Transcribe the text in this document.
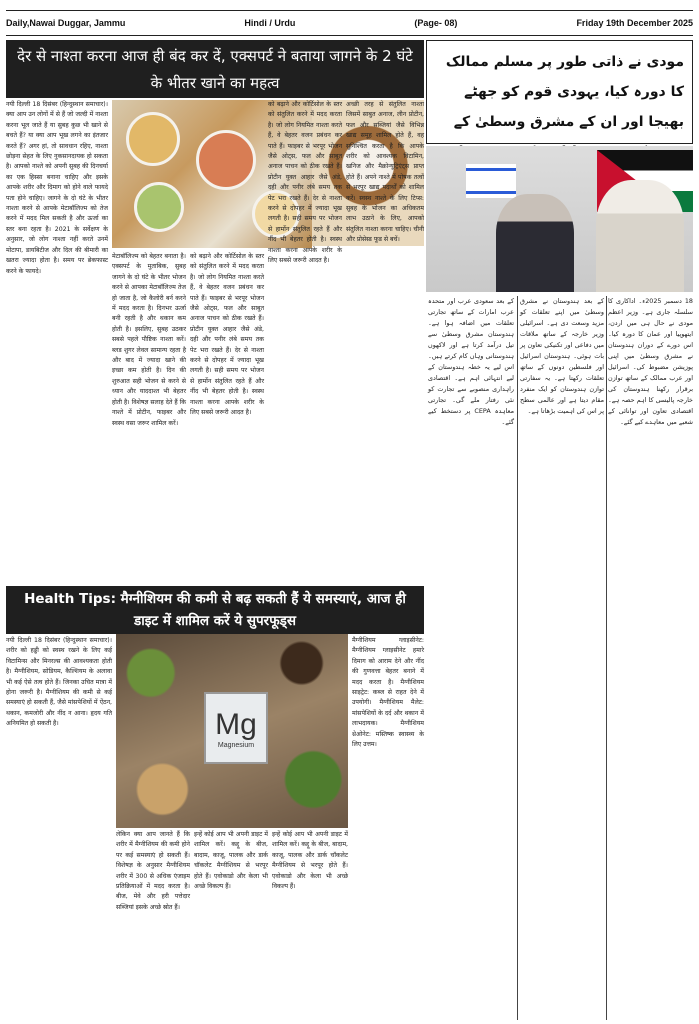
Daily,Nawai Duggar, Jammu	Hindi / Urdu	(Page- 08)	Friday 19th December 2025
देर से नाश्ता करना आज ही बंद कर दें, एक्सपर्ट ने बताया जागने के 2 घंटे के भीतर खाने का महत्व
नयी दिल्ली 18 दिसंबर (हिन्दुस्थान समाचार)। क्या आप उन लोगों में से हैं जो जल्दी में नाश्ता करना भूल जाते हैं या सुबह कुछ भी खाने से बचते हैं? या क्या आप भूख लगने का इंतजार करते हैं? अगर हां, तो सावधान रहिए, नाश्ता छोड़ना सेहत के लिए नुकसानदायक हो सकता है। आपको नाश्ते को अपनी सुबह की दिनचर्या का एक हिस्सा बनाना चाहिए और इसके आपके शरीर और दिमाग को होने वाले फायदे पता होने चाहिए। जागने के दो घंटे के भीतर नाश्ता करने से आपके मेटाबॉलिज्म को तेज करने में मदद मिल सकती है और ऊर्जा का स्तर बना रहता है। 2021 के सर्वेक्षण के अनुसार, जो लोग नाश्ता नहीं करते उनमें मोटापा, डायबिटीज और दिल की बीमारी का खतरा ज्यादा होता है। समय पर ब्रेकफास्ट करने के फायदे।
मेटाबॉलिज्म को बेहतर बनाता है। एक्सपर्ट के मुताबिक, सुबह जागने के दो घंटे के भीतर भोजन करने से आपका मेटाबॉलिज्म तेज हो जाता है, जो कैलोरी बर्न करने में मदद करता है। दिनभर ऊर्जा बनी रहती है और थकान कम होती है। इसलिए, सुबह उठकर सबसे पहले पौष्टिक नाश्ता करें। ब्लड शुगर लेवल सामान्य रहता है और बाद में ज्यादा खाने की इच्छा कम होती है। दिन की शुरुआत सही भोजन से करने से ध्यान और याददाश्त भी बेहतर होती है। विशेषज्ञ सलाह देते हैं कि नाश्ते में प्रोटीन, फाइबर और स्वस्थ वसा जरूर शामिल करें।
को बढ़ाने और कोर्टिसोल के स्तर को संतुलित करने में मदद करता है। जो लोग नियमित नाश्ता करते हैं, वे बेहतर वजन प्रबंधन कर पाते हैं। फाइबर से भरपूर भोजन जैसे ओट्स, फल और साबुत अनाज पाचन को ठीक रखते हैं। प्रोटीन युक्त आहार जैसे अंडे, दही और पनीर लंबे समय तक पेट भरा रखते हैं। देर से नाश्ता करने से दोपहर में ज्यादा भूख लगती है। सही समय पर भोजन से हार्मोन संतुलित रहते हैं और नींद भी बेहतर होती है। स्वस्थ नाश्ता करना आपके शरीर के लिए सबसे जरूरी आदत है।
को बढ़ाने और कोर्टिसोल के स्तर को संतुलित करने में मदद करता है। जो लोग नियमित नाश्ता करते हैं, वे बेहतर वजन प्रबंधन कर पाते हैं। फाइबर से भरपूर भोजन जैसे ओट्स, फल और साबुत अनाज पाचन को ठीक रखते हैं। प्रोटीन युक्त आहार जैसे अंडे, दही और पनीर लंबे समय तक पेट भरा रखते हैं। देर से नाश्ता करने से दोपहर में ज्यादा भूख लगती है। सही समय पर भोजन से हार्मोन संतुलित रहते हैं और नींद भी बेहतर होती है। स्वस्थ नाश्ता करना आपके शरीर के लिए सबसे जरूरी आदत है।
अच्छी तरह से संतुलित नाश्ता जिसमें साबुत अनाज, लीन प्रोटीन, फल और सब्जियां जैसे विभिन्न खाद्य समूह शामिल होते हैं, वह सुनिश्चित करता है कि आपके शरीर को आवश्यक विटामिन, खनिज और मैक्रोन्यूट्रिएंट्स प्राप्त होते हैं। अपने नाश्ते में पोषक तत्वों से भरपूर खाद्य पदार्थों को शामिल करें। स्वस्थ नाश्ते के लिए टिप्स: सुबह के भोजन का अधिकतम लाभ उठाने के लिए, आपको संतुलित नाश्ता करना चाहिए। चीनी और प्रोसेस्ड फूड से बचें।
Health Tips: मैग्नीशियम की कमी से बढ़ सकती हैं ये समस्याएं, आज ही डाइट में शामिल करें ये सुपरफूड्स
नयी दिल्ली 18 दिसंबर (हिन्दुस्थान समाचार)। शरीर को हड्डी को स्वस्थ रखने के लिए कई विटामिन्स और मिनरल्स की आवश्यकता होती है। मैग्नीशियम, सोडियम, कैल्शियम के अलावा भी कई ऐसे तत्व होते हैं। जिनका उचित मात्रा में होना जरूरी है। मैग्नीशियम की कमी से कई समस्याएं हो सकती हैं, जैसे मांसपेशियों में ऐंठन, थकान, कमजोरी और नींद न आना। हृदय गति अनियमित हो सकती है।	Mg
Magnesium
लेकिन क्या आप जानते हैं कि शरीर में मैग्नीशियम की कमी होने पर कई समस्याएं हो सकती हैं। विशेषज्ञ के अनुसार मैग्नीशियम शरीर में 300 से अधिक एंजाइम प्रतिक्रियाओं में मदद करता है। बीज, मेवे और हरी पत्तेदार सब्जियां इसके अच्छे स्रोत हैं।
इन्हें कोई आप भी अपनी डाइट में शामिल करें। कद्दू के बीज, बादाम, काजू, पालक और डार्क चॉकलेट मैग्नीशियम से भरपूर होते हैं। एवोकाडो और केला भी अच्छे विकल्प हैं।
इन्हें कोई आप भी अपनी डाइट में शामिल करें। कद्दू के बीज, बादाम, काजू, पालक और डार्क चॉकलेट मैग्नीशियम से भरपूर होते हैं। एवोकाडो और केला भी अच्छे विकल्प हैं।
मैग्नीशियम ग्लाइसीनेट: मैग्नीशियम ग्लाइसीनेट हमारे दिमाग को आराम देने और नींद की गुणवत्ता बेहतर बनाने में मदद करता है। मैग्नीशियम साइट्रेट: कब्ज से राहत देने में उपयोगी। मैग्नीशियम मैलेट: मांसपेशियों के दर्द और थकान में लाभदायक। मैग्नीशियम थ्रेओनेट: मस्तिष्क स्वास्थ्य के लिए उत्तम।
مودی نے ذاتی طور پر مسلم ممالک کا دورہ کیا، یہودی قوم کو جھٹے بھیجا اور ان کے مشرق وسطیٰ کے
18 دسمبر 2025ء۔ اداکاری کا سلسلہ جاری ہے۔ وزیر اعظم مودی نے حال ہی میں اردن، ایتھوپیا اور عمان کا دورہ کیا۔ اس دورے کے دوران ہندوستان نے مشرق وسطیٰ میں اپنی پوزیشن مضبوط کی۔ اسرائیل اور عرب ممالک کے ساتھ توازن برقرار رکھنا ہندوستان کی خارجہ پالیسی کا اہم حصہ ہے۔ اقتصادی تعاون اور توانائی کے شعبے میں معاہدے کیے گئے۔
کے بعد ہندوستان نے مشرق وسطیٰ میں اپنے تعلقات کو مزید وسعت دی ہے۔ اسرائیلی وزیر خارجہ کے ساتھ ملاقات میں دفاعی اور تکنیکی تعاون پر بات ہوئی۔ ہندوستان اسرائیل اور فلسطین دونوں کے ساتھ تعلقات رکھتا ہے۔ یہ سفارتی توازن ہندوستان کو ایک منفرد مقام دیتا ہے اور عالمی سطح پر اس کی اہمیت بڑھاتا ہے۔
کے بعد سعودی عرب اور متحدہ عرب امارات کے ساتھ تجارتی تعلقات میں اضافہ ہوا ہے۔ ہندوستان مشرق وسطیٰ سے تیل درآمد کرتا ہے اور لاکھوں ہندوستانی وہاں کام کرتے ہیں۔ اس لیے یہ خطہ ہندوستان کے لیے انتہائی اہم ہے۔ اقتصادی راہداری منصوبے سے تجارت کو نئی رفتار ملے گی۔ تجارتی معاہدہ CEPA پر دستخط کیے گئے۔
